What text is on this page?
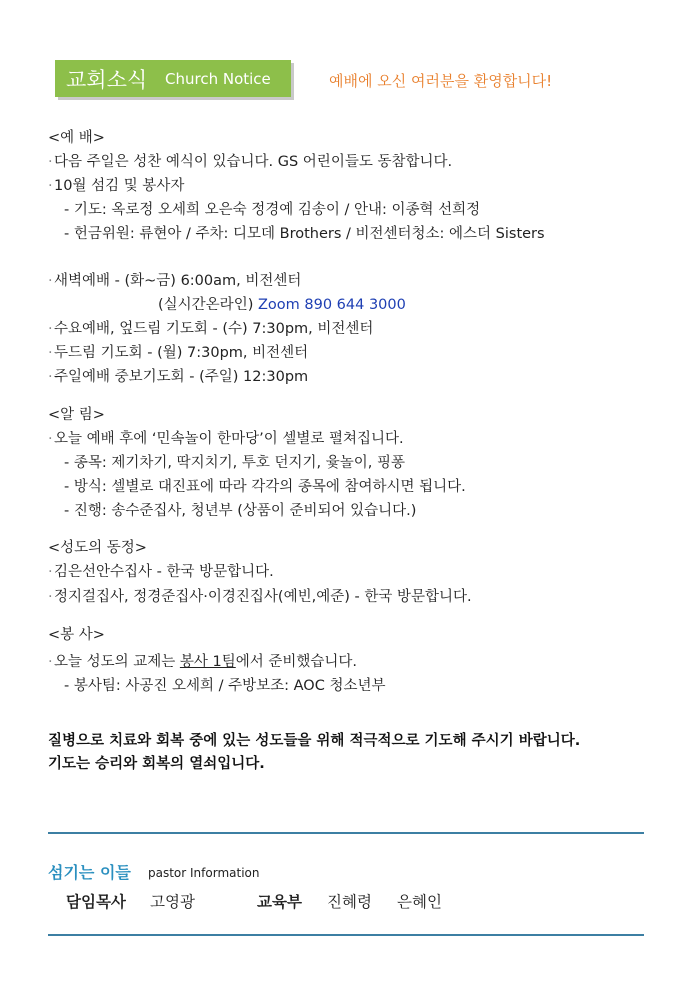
교회소식 Church Notice	예배에 오신 여러분을 환영합니다!
<예 배>
· 다음 주일은 성찬 예식이 있습니다. GS 어린이들도 동참합니다.
· 10월 섬김 및 봉사자
- 기도: 옥로정 오세희 오은숙 정경예 김송이 / 안내: 이종혁 선희정
- 헌금위원: 류현아 / 주차: 디모데 Brothers / 비전센터청소: 에스더 Sisters
· 새벽예배 - (화~금) 6:00am, 비전센터
(실시간온라인) Zoom 890 644 3000
· 수요예배, 엎드림 기도회 - (수) 7:30pm, 비전센터
· 두드림 기도회 - (월) 7:30pm, 비전센터
· 주일예배 중보기도회 - (주일) 12:30pm
<알 림>
· 오늘 예배 후에 ‘민속놀이 한마당’이 셀별로 펼쳐집니다.
- 종목: 제기차기, 딱지치기, 투호 던지기, 윷놀이, 핑퐁
- 방식: 셀별로 대진표에 따라 각각의 종목에 참여하시면 됩니다.
- 진행: 송수준집사, 청년부 (상품이 준비되어 있습니다.)
<성도의 동정>
· 김은선안수집사 - 한국 방문합니다.
· 정지걸집사, 정경준집사·이경진집사(예빈,예준) - 한국 방문합니다.
<봉 사>
· 오늘 성도의 교제는 봉사 1팀에서 준비했습니다.
- 봉사팀: 사공진 오세희 / 주방보조: AOC 청소년부
질병으로 치료와 회복 중에 있는 성도들을 위해 적극적으로 기도해 주시기 바랍니다.
기도는 승리와 회복의 열쇠입니다.
섬기는 이들 pastor Information
담임목사 고영광	교육부 진혜령 은혜인
